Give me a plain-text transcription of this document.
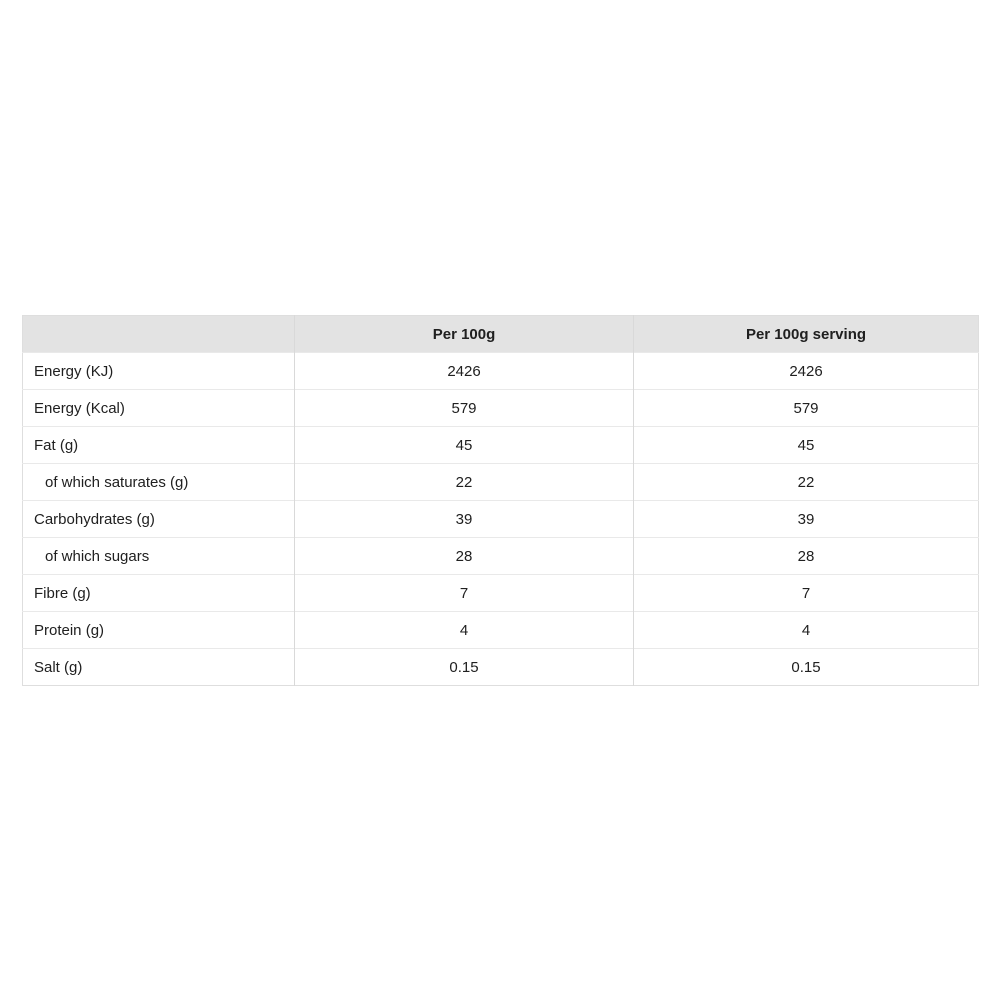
	Per 100g	Per 100g serving
Energy (KJ)	2426	2426
Energy (Kcal)	579	579
Fat (g)	45	45
of which saturates (g)	22	22
Carbohydrates (g)	39	39
of which sugars	28	28
Fibre (g)	7	7
Protein (g)	4	4
Salt (g)	0.15	0.15
